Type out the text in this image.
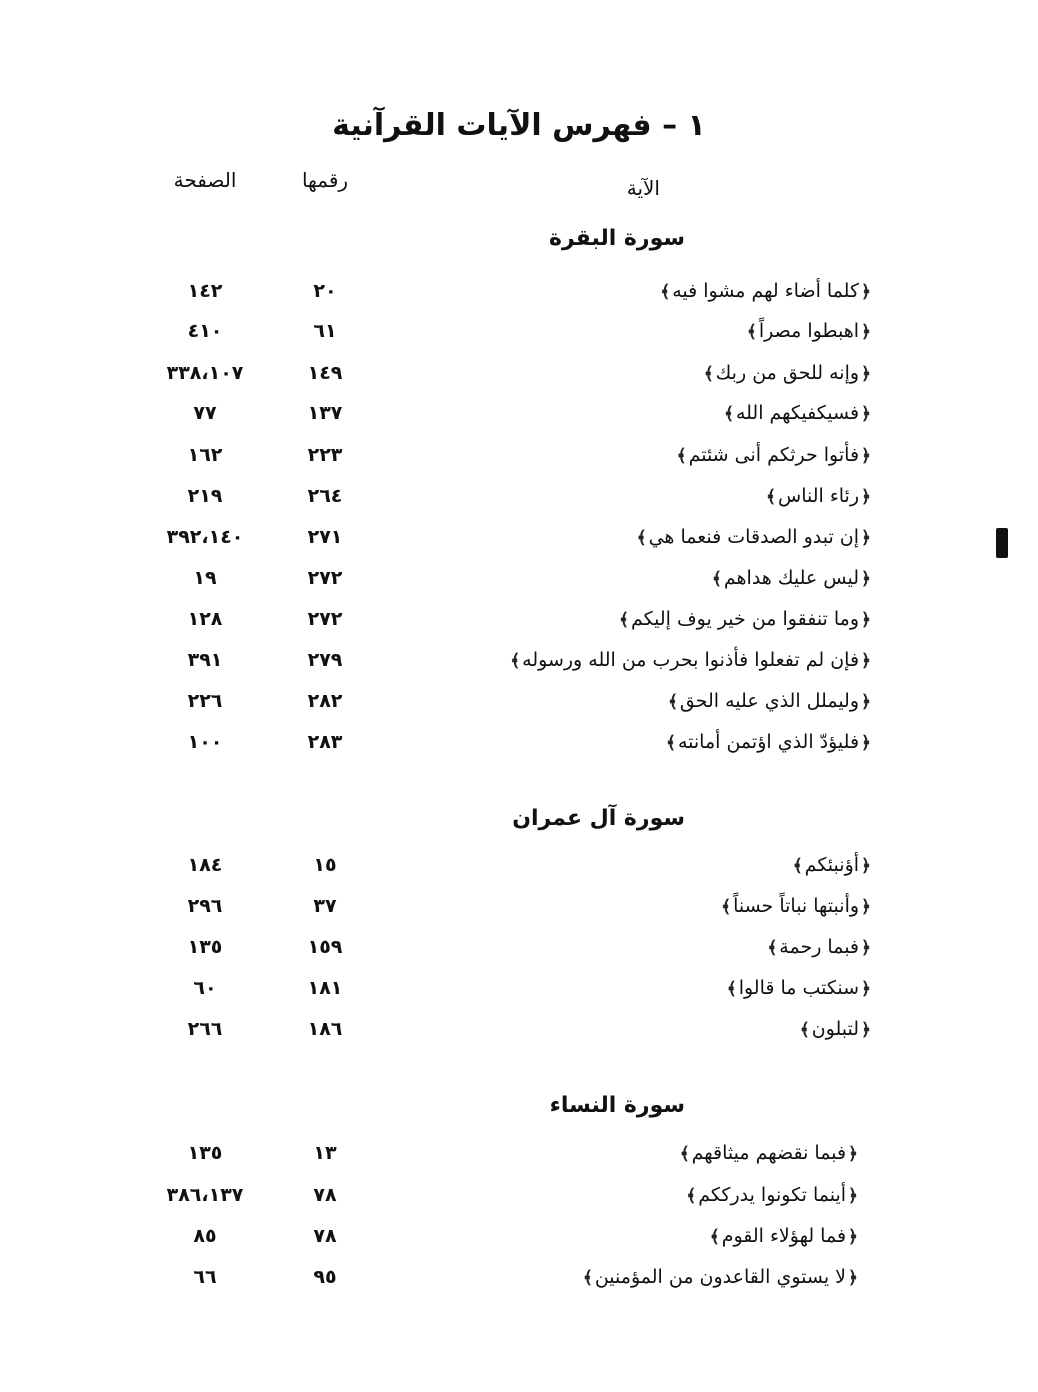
١ – فهرس الآيات القرآنية
الآية
رقمها
الصفحة
سورة البقرة
﴿كلما أضاء لهم مشوا فيه﴾
٢٠
١٤٢
﴿اهبطوا مصراً﴾
٦١
٤١٠
﴿وإنه للحق من ربك﴾
١٤٩
٣٣٨،١٠٧
﴿فسيكفيكهم الله﴾
١٣٧
٧٧
﴿فأتوا حرثكم أنى شئتم﴾
٢٢٣
١٦٢
﴿رئاء الناس﴾
٢٦٤
٢١٩
﴿إن تبدو الصدقات فنعما هي﴾
٢٧١
٣٩٢،١٤٠
﴿ليس عليك هداهم﴾
٢٧٢
١٩
﴿وما تنفقوا من خير يوف إليكم﴾
٢٧٢
١٢٨
﴿فإن لم تفعلوا فأذنوا بحرب من الله ورسوله﴾
٢٧٩
٣٩١
﴿وليملل الذي عليه الحق﴾
٢٨٢
٢٢٦
﴿فليؤدّ الذي اؤتمن أمانته﴾
٢٨٣
١٠٠
سورة آل عمران
﴿أؤنبئكم﴾
١٥
١٨٤
﴿وأنبتها نباتاً حسناً﴾
٣٧
٢٩٦
﴿فبما رحمة﴾
١٥٩
١٣٥
﴿سنكتب ما قالوا﴾
١٨١
٦٠
﴿لتبلون﴾
١٨٦
٢٦٦
سورة النساء
﴿فبما نقضهم ميثاقهم﴾
١٣
١٣٥
﴿أينما تكونوا يدرككم﴾
٧٨
٣٨٦،١٣٧
﴿فما لهؤلاء القوم﴾
٧٨
٨٥
﴿لا يستوي القاعدون من المؤمنين﴾
٩٥
٦٦
